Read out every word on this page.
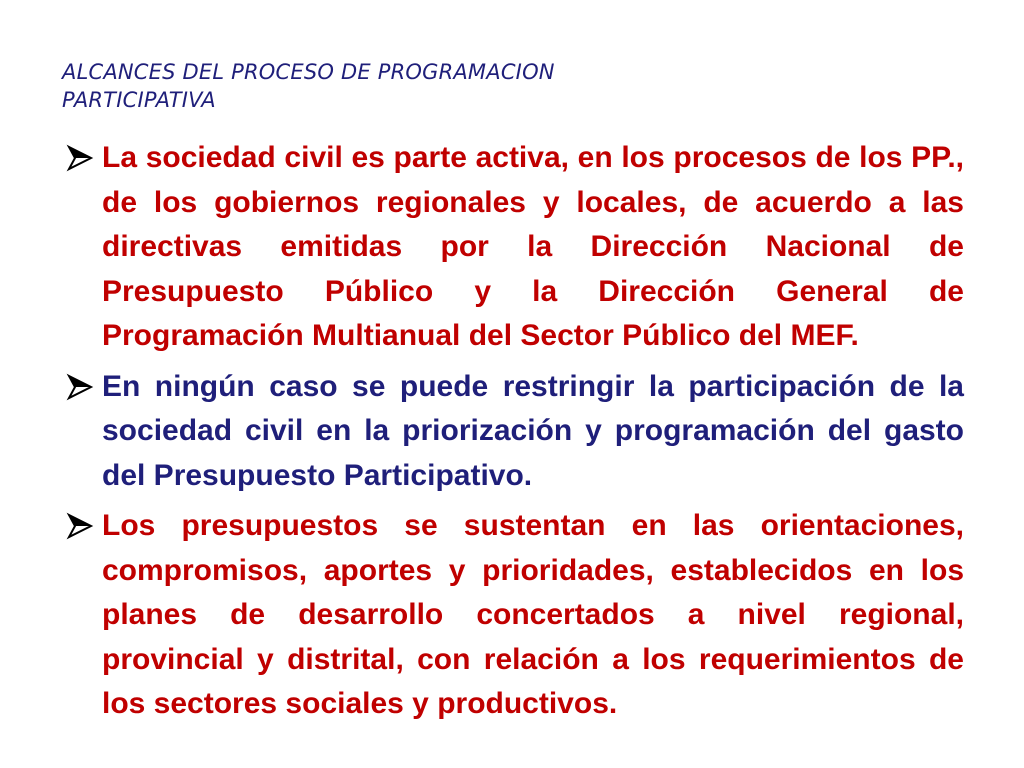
ALCANCES DEL PROCESO DE PROGRAMACION
PARTICIPATIVA
La sociedad civil es parte activa, en los procesos de los PP., de los gobiernos regionales y locales, de acuerdo a las directivas emitidas por la Dirección Nacional de Presupuesto Público y la Dirección General de Programación Multianual del Sector Público del MEF.
En ningún caso se puede restringir la participación de la sociedad civil en la priorización y programación del gasto del Presupuesto Participativo.
Los presupuestos se sustentan en las orientaciones, compromisos, aportes y prioridades, establecidos en los planes de desarrollo concertados a nivel regional, provincial y distrital, con relación a los requerimientos de los sectores sociales y productivos.
